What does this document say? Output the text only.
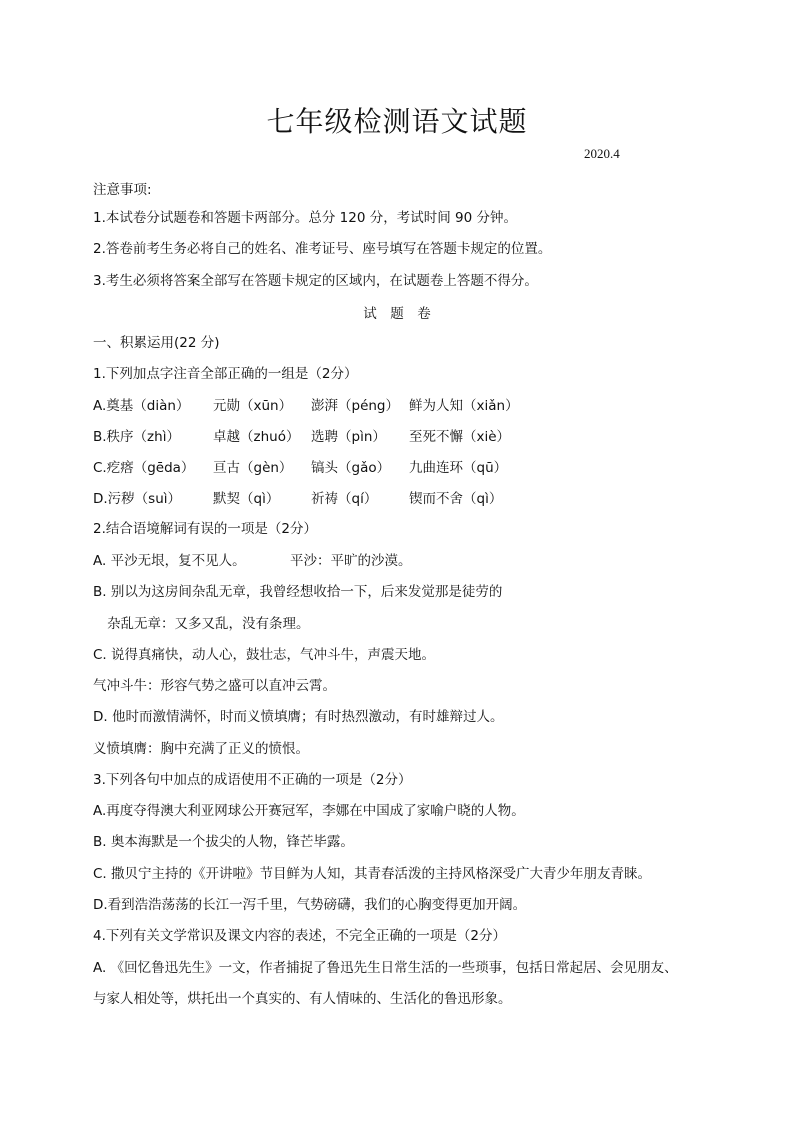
七年级检测语文试题
2020.4
注意事项:
1.本试卷分试题卷和答题卡两部分。总分 120 分，考试时间 90 分钟。
2.答卷前考生务必将自己的姓名、准考证号、座号填写在答题卡规定的位置。
3.考生必须将答案全部写在答题卡规定的区域内，在试题卷上答题不得分。
试　题　卷
一、积累运用(22 分)
1.下列加点字注音全部正确的一组是（2分）
A.奠基（diàn） 元勋（xūn） 澎湃（péng） 鲜为人知（xiǎn）
B.秩序（zhì） 卓越（zhuó） 选聘（pìn） 至死不懈（xiè）
C.疙瘩（gēda） 亘古（gèn） 镐头（gǎo） 九曲连环（qū）
D.污秽（suì） 默契（qì） 祈祷（qí） 锲而不舍（qì）
2.结合语境解词有误的一项是（2分）
A. 平沙无垠，复不见人。	平沙：平旷的沙漠。
B. 别以为这房间杂乱无章，我曾经想收拾一下，后来发觉那是徒劳的
杂乱无章：又多又乱，没有条理。
C. 说得真痛快，动人心，鼓壮志，气冲斗牛，声震天地。
气冲斗牛：形容气势之盛可以直冲云霄。
D. 他时而激情满怀，时而义愤填膺；有时热烈激动，有时雄辩过人。
义愤填膺：胸中充满了正义的愤恨。
3.下列各句中加点的成语使用不正确的一项是（2分）
A.再度夺得澳大利亚网球公开赛冠军，李娜在中国成了家喻户晓的人物。
B. 奥本海默是一个拔尖的人物，锋芒毕露。
C. 撒贝宁主持的《开讲啦》节目鲜为人知，其青春活泼的主持风格深受广大青少年朋友青睐。
D.看到浩浩荡荡的长江一泻千里，气势磅礴，我们的心胸变得更加开阔。
4.下列有关文学常识及课文内容的表述，不完全正确的一项是（2分）
A. 《回忆鲁迅先生》一文，作者捕捉了鲁迅先生日常生活的一些琐事，包括日常起居、会见朋友、
与家人相处等，烘托出一个真实的、有人情味的、生活化的鲁迅形象。
